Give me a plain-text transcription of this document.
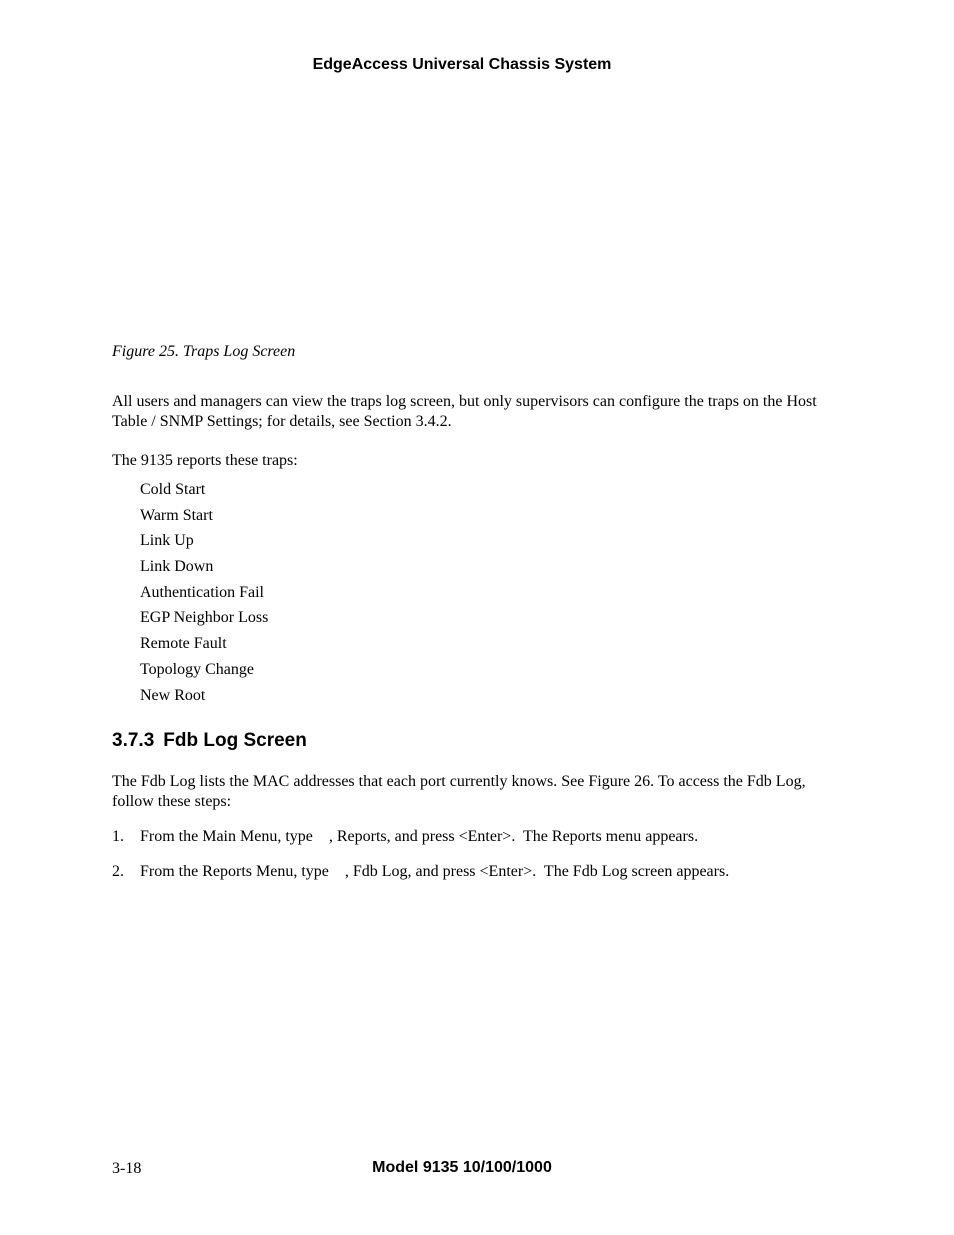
EdgeAccess Universal Chassis System
Figure 25. Traps Log Screen

All users and managers can view the traps log screen, but only supervisors can configure the traps on the Host Table / SNMP Settings; for details, see Section 3.4.2.

The 9135 reports these traps:

Cold Start
Warm Start
Link Up
Link Down
Authentication Fail
EGP Neighbor Loss
Remote Fault
Topology Change
New Root
3.7.3 Fdb Log Screen

The Fdb Log lists the MAC addresses that each port currently knows. See Figure 26. To access the Fdb Log, follow these steps:

1. From the Main Menu, type    , Reports, and press <Enter>.  The Reports menu appears.
2. From the Reports Menu, type    , Fdb Log, and press <Enter>.  The Fdb Log screen appears.
3-18	Model 9135 10/100/1000
